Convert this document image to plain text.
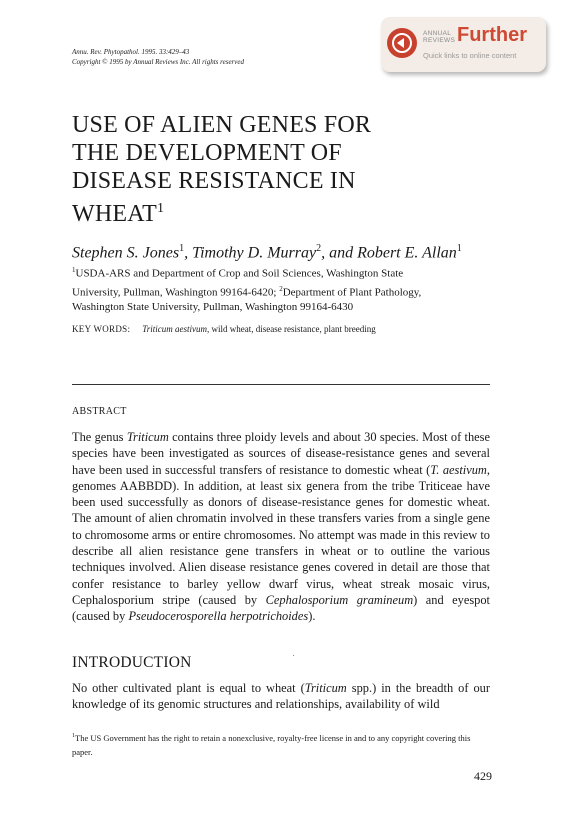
Annu. Rev. Phytopathol. 1995. 33:429–43
Copyright © 1995 by Annual Reviews Inc. All rights reserved
ANNUAL
REVIEWS Further
Quick links to online content
USE OF ALIEN GENES FOR
THE DEVELOPMENT OF
DISEASE RESISTANCE IN
WHEAT$^1$
Stephen S. Jones$^1$, Timothy D. Murray$^2$, and Robert E. Allan$^1$
$^1$USDA-ARS and Department of Crop and Soil Sciences, Washington State
University, Pullman, Washington 99164-6420; $^2$Department of Plant Pathology,
Washington State University, Pullman, Washington 99164-6430
KEY WORDS: Triticum aestivum, wild wheat, disease resistance, plant breeding
ABSTRACT

The genus Triticum contains three ploidy levels and about 30 species. Most of these species have been investigated as sources of disease-resistance genes and several have been used in successful transfers of resistance to domestic wheat (T. aestivum, genomes AABBDD). In addition, at least six genera from the tribe Triticeae have been used successfully as donors of disease-resistance genes for domestic wheat. The amount of alien chromatin involved in these transfers varies from a single gene to chromosome arms or entire chromosomes. No attempt was made in this review to describe all alien resistance gene transfers in wheat or to outline the various techniques involved. Alien disease resistance genes covered in detail are those that confer resistance to barley yellow dwarf virus, wheat streak mosaic virus, Cephalosporium stripe (caused by Cephalosporium gramineum) and eyespot (caused by Pseudocerosporella herpotrichoides).

INTRODUCTION

No other cultivated plant is equal to wheat (Triticum spp.) in the breadth of our knowledge of its genomic structures and relationships, availability of wild

$^1$The US Government has the right to retain a nonexclusive, royalty-free license in and to any copyright covering this paper.
429
